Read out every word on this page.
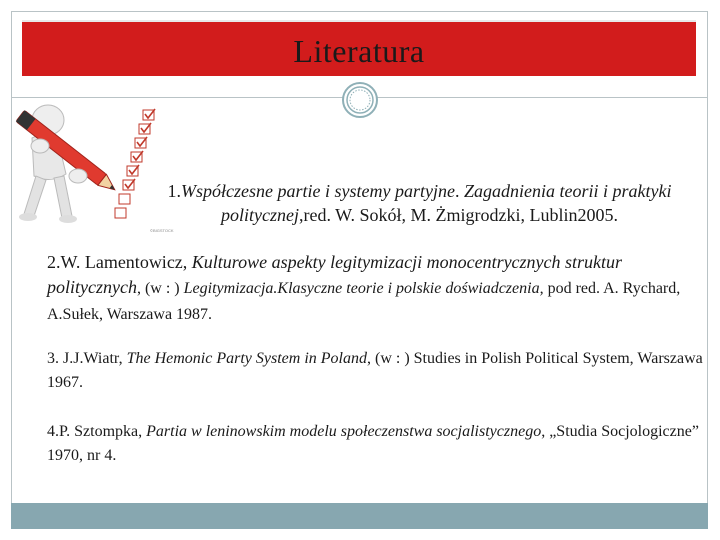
Literatura
©BIGSTOCK
1.Współczesne partie i systemy partyjne. Zagadnienia teorii i praktyki politycznej,red. W. Sokół, M. Żmigrodzki, Lublin2005.
2.W. Lamentowicz, Kulturowe aspekty legitymizacji monocentrycznych struktur politycznych, (w : ) Legitymizacja.Klasyczne teorie i polskie doświadczenia, pod red. A. Rychard, A.Sułek, Warszawa 1987.
3. J.J.Wiatr, The Hemonic Party System in Poland, (w : ) Studies in Polish Political System, Warszawa 1967.
4.P. Sztompka, Partia w leninowskim modelu społeczenstwa socjalistycznego, „Studia Socjologiczne” 1970, nr 4.
